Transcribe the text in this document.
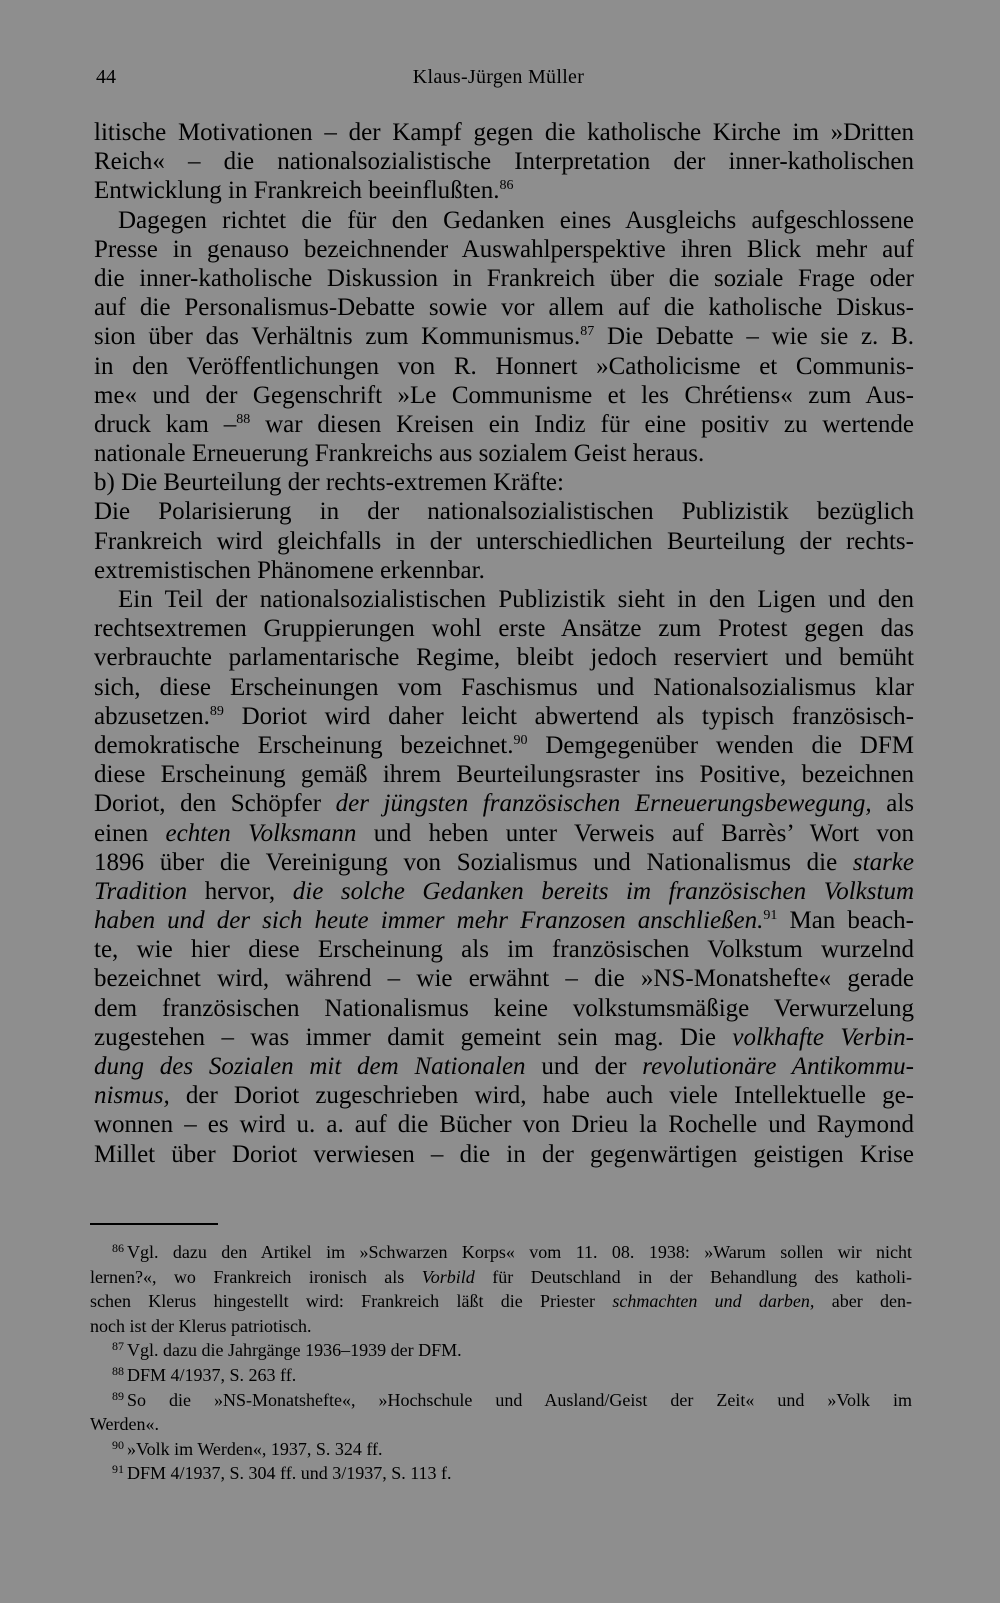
44	Klaus-Jürgen Müller
litische Motivationen – der Kampf gegen die katholische Kirche im »Dritten
Reich« – die nationalsozialistische Interpretation der inner-katholischen
Entwicklung in Frankreich beeinflußten.$^{86}$
Dagegen richtet die für den Gedanken eines Ausgleichs aufgeschlossene
Presse in genauso bezeichnender Auswahlperspektive ihren Blick mehr auf
die inner-katholische Diskussion in Frankreich über die soziale Frage oder
auf die Personalismus-Debatte sowie vor allem auf die katholische Diskus-
sion über das Verhältnis zum Kommunismus.$^{87}$ Die Debatte – wie sie z. B.
in den Veröffentlichungen von R. Honnert »Catholicisme et Communis-
me« und der Gegenschrift »Le Communisme et les Chrétiens« zum Aus-
druck kam –$^{88}$ war diesen Kreisen ein Indiz für eine positiv zu wertende
nationale Erneuerung Frankreichs aus sozialem Geist heraus.
b) Die Beurteilung der rechts-extremen Kräfte:
Die Polarisierung in der nationalsozialistischen Publizistik bezüglich
Frankreich wird gleichfalls in der unterschiedlichen Beurteilung der rechts-
extremistischen Phänomene erkennbar.
Ein Teil der nationalsozialistischen Publizistik sieht in den Ligen und den
rechtsextremen Gruppierungen wohl erste Ansätze zum Protest gegen das
verbrauchte parlamentarische Regime, bleibt jedoch reserviert und bemüht
sich, diese Erscheinungen vom Faschismus und Nationalsozialismus klar
abzusetzen.$^{89}$ Doriot wird daher leicht abwertend als typisch französisch-
demokratische Erscheinung bezeichnet.$^{90}$ Demgegenüber wenden die DFM
diese Erscheinung gemäß ihrem Beurteilungsraster ins Positive, bezeichnen
Doriot, den Schöpfer der jüngsten französischen Erneuerungsbewegung, als
einen echten Volksmann und heben unter Verweis auf Barrès’ Wort von
1896 über die Vereinigung von Sozialismus und Nationalismus die starke
Tradition hervor, die solche Gedanken bereits im französischen Volkstum
haben und der sich heute immer mehr Franzosen anschließen.$^{91}$ Man beach-
te, wie hier diese Erscheinung als im französischen Volkstum wurzelnd
bezeichnet wird, während – wie erwähnt – die »NS-Monatshefte« gerade
dem französischen Nationalismus keine volkstumsmäßige Verwurzelung
zugestehen – was immer damit gemeint sein mag. Die volkhafte Verbin-
dung des Sozialen mit dem Nationalen und der revolutionäre Antikommu-
nismus, der Doriot zugeschrieben wird, habe auch viele Intellektuelle ge-
wonnen – es wird u. a. auf die Bücher von Drieu la Rochelle und Raymond
Millet über Doriot verwiesen – die in der gegenwärtigen geistigen Krise
$^{86}$ Vgl. dazu den Artikel im »Schwarzen Korps« vom 11. 08. 1938: »Warum sollen wir nicht
lernen?«, wo Frankreich ironisch als Vorbild für Deutschland in der Behandlung des katholi-
schen Klerus hingestellt wird: Frankreich läßt die Priester schmachten und darben, aber den-
noch ist der Klerus patriotisch.
$^{87}$ Vgl. dazu die Jahrgänge 1936–1939 der DFM.
$^{88}$ DFM 4/1937, S. 263 ff.
$^{89}$ So die »NS-Monatshefte«, »Hochschule und Ausland/Geist der Zeit« und »Volk im
Werden«.
$^{90}$ »Volk im Werden«, 1937, S. 324 ff.
$^{91}$ DFM 4/1937, S. 304 ff. und 3/1937, S. 113 f.
